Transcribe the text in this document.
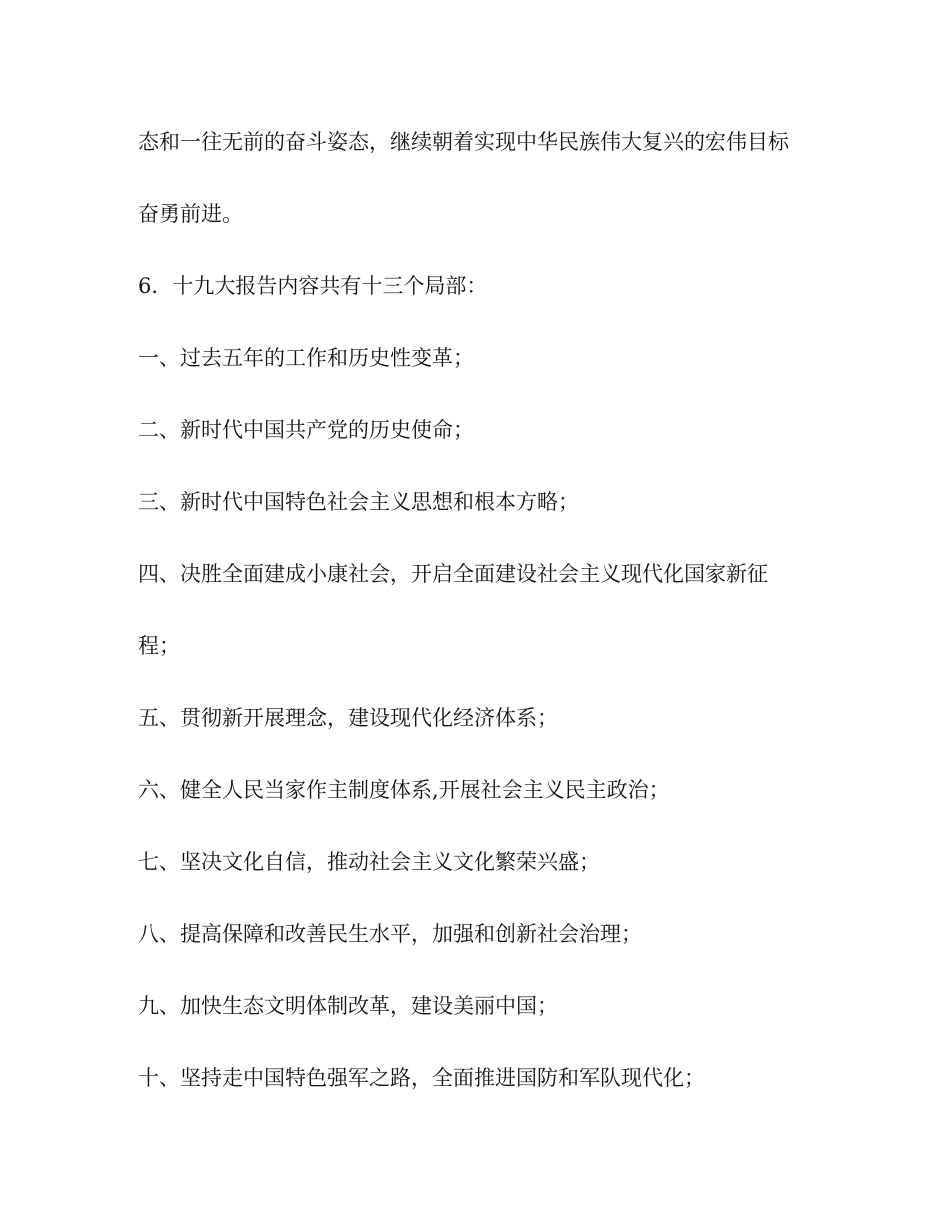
态和一往无前的奋斗姿态，继续朝着实现中华民族伟大复兴的宏伟目标
奋勇前进。
6．十九大报告内容共有十三个局部：
一、过去五年的工作和历史性变革；
二、新时代中国共产党的历史使命；
三、新时代中国特色社会主义思想和根本方略；
四、决胜全面建成小康社会，开启全面建设社会主义现代化国家新征
程；
五、贯彻新开展理念，建设现代化经济体系；
六、健全人民当家作主制度体系,开展社会主义民主政治；
七、坚决文化自信，推动社会主义文化繁荣兴盛；
八、提高保障和改善民生水平，加强和创新社会治理；
九、加快生态文明体制改革，建设美丽中国；
十、坚持走中国特色强军之路，全面推进国防和军队现代化；
